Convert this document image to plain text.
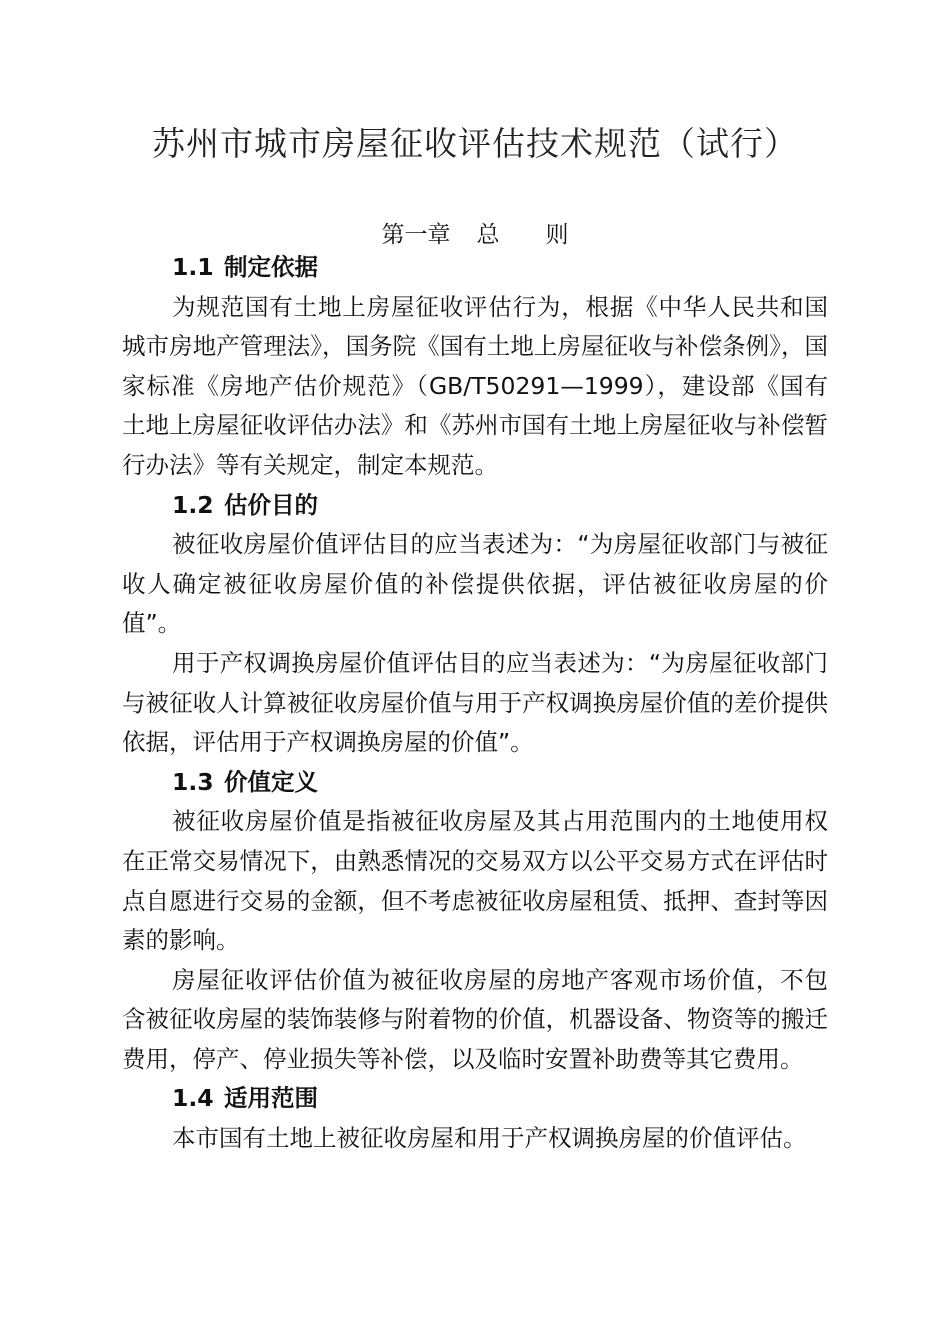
苏州市城市房屋征收评估技术规范（试行）
第一章 总 则

1.1 制定依据

为规范国有土地上房屋征收评估行为，根据《中华人民共和国城市房地产管理法》，国务院《国有土地上房屋征收与补偿条例》，国家标准《房地产估价规范》（GB/T50291—1999），建设部《国有土地上房屋征收评估办法》和《苏州市国有土地上房屋征收与补偿暂行办法》等有关规定，制定本规范。

1.2 估价目的

被征收房屋价值评估目的应当表述为：“为房屋征收部门与被征收人确定被征收房屋价值的补偿提供依据，评估被征收房屋的价值”。

用于产权调换房屋价值评估目的应当表述为：“为房屋征收部门与被征收人计算被征收房屋价值与用于产权调换房屋价值的差价提供依据，评估用于产权调换房屋的价值”。

1.3 价值定义

被征收房屋价值是指被征收房屋及其占用范围内的土地使用权在正常交易情况下，由熟悉情况的交易双方以公平交易方式在评估时点自愿进行交易的金额，但不考虑被征收房屋租赁、抵押、查封等因素的影响。

房屋征收评估价值为被征收房屋的房地产客观市场价值，不包含被征收房屋的装饰装修与附着物的价值，机器设备、物资等的搬迁费用，停产、停业损失等补偿，以及临时安置补助费等其它费用。

1.4 适用范围

本市国有土地上被征收房屋和用于产权调换房屋的价值评估。
